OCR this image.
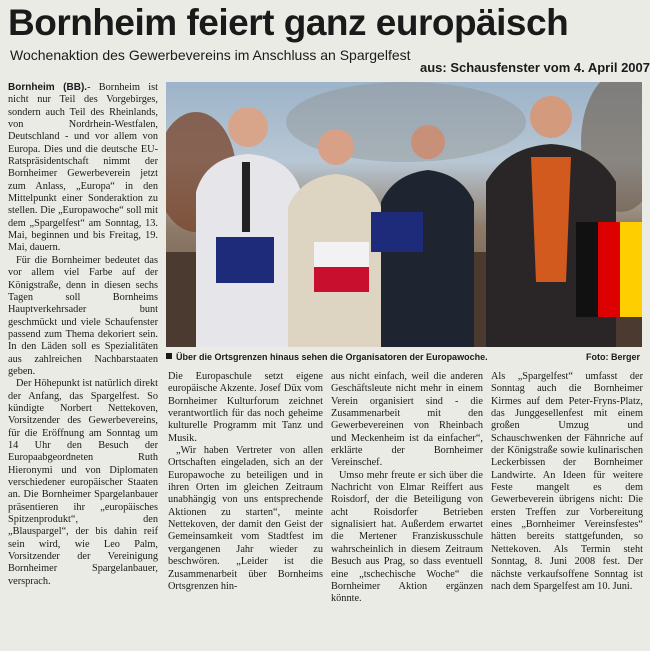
Bornheim feiert ganz europäisch
Wochenaktion des Gewerbevereins im Anschluss an Spargelfest
aus: Schausfenster vom 4. April 2007

Bornheim (BB).- Bornheim ist nicht nur Teil des Vorgebirges, sondern auch Teil des Rheinlands, von Nordrhein-Westfalen, Deutschland - und vor allem von Europa. Dies und die deutsche EU-Ratspräsidentschaft nimmt der Bornheimer Gewerbeverein jetzt zum Anlass, „Europa“ in den Mittelpunkt einer Sonderaktion zu stellen. Die „Europawoche“ soll mit dem „Spargelfest“ am Sonntag, 13. Mai, beginnen und bis Freitag, 19. Mai, dauern.

Für die Bornheimer bedeutet das vor allem viel Farbe auf der Königstraße, denn in diesen sechs Tagen soll Bornheims Hauptverkehrsader bunt geschmückt und viele Schaufenster passend zum Thema dekoriert sein. In den Läden soll es Spezialitäten aus zahlreichen Nachbarstaaten geben.

Der Höhepunkt ist natürlich direkt der Anfang, das Spargelfest. So kündigte Norbert Nettekoven, Vorsitzender des Gewerbevereins, für die Eröffnung am Sonntag um 14 Uhr den Besuch der Europaabgeordneten Ruth Hieronymi und von Diplomaten verschiedener europäischer Staaten an. Die Bornheimer Spargelanbauer präsentieren ihr „europäisches Spitzenprodukt“, den „Blauspargel“, der bis dahin reif sein wird, wie Leo Palm, Vorsitzender der Vereinigung Bornheimer Spargelanbauer, versprach.

Über die Ortsgrenzen hinaus sehen die Organisatoren der Europawoche.	Foto: Berger

Die Europaschule setzt eigene europäische Akzente. Josef Düx vom Bornheimer Kulturforum zeichnet verantwortlich für das noch geheime kulturelle Programm mit Tanz und Musik.

„Wir haben Vertreter von allen Ortschaften eingeladen, sich an der Europawoche zu beteiligen und in ihren Orten im gleichen Zeitraum unabhängig von uns entsprechende Aktionen zu starten“, meinte Nettekoven, der damit den Geist der Gemeinsamkeit vom Stadtfest im vergangenen Jahr wieder zu beschwören. „Leider ist die Zusammenarbeit über Bornheims Ortsgrenzen hin-

aus nicht einfach, weil die anderen Geschäftsleute nicht mehr in einem Verein organisiert sind - die Zusammenarbeit mit den Gewerbevereinen von Rheinbach und Meckenheim ist da einfacher“, erklärte der Bornheimer Vereinschef.

Umso mehr freute er sich über die Nachricht von Elmar Reiffert aus Roisdorf, der die Beteiligung von acht Roisdorfer Betrieben signalisiert hat. Außerdem erwartet die Mertener Franziskusschule wahrscheinlich in diesem Zeitraum Besuch aus Prag, so dass eventuell eine „tschechische Woche“ die Bornheimer Aktion ergänzen könnte.

Als „Spargelfest“ umfasst der Sonntag auch die Bornheimer Kirmes auf dem Peter-Fryns-Platz, das Junggesellenfest mit einem großen Umzug und Schauschwenken der Fähnriche auf der Königstraße sowie kulinarischen Leckerbissen der Bornheimer Landwirte. An Ideen für weitere Feste mangelt es dem Gewerbeverein übrigens nicht: Die ersten Treffen zur Vorbereitung eines „Bornheimer Vereinsfestes“ hätten bereits stattgefunden, so Nettekoven. Als Termin steht Sonntag, 8. Juni 2008 fest. Der nächste verkaufsoffene Sonntag ist nach dem Spargelfest am 10. Juni.
